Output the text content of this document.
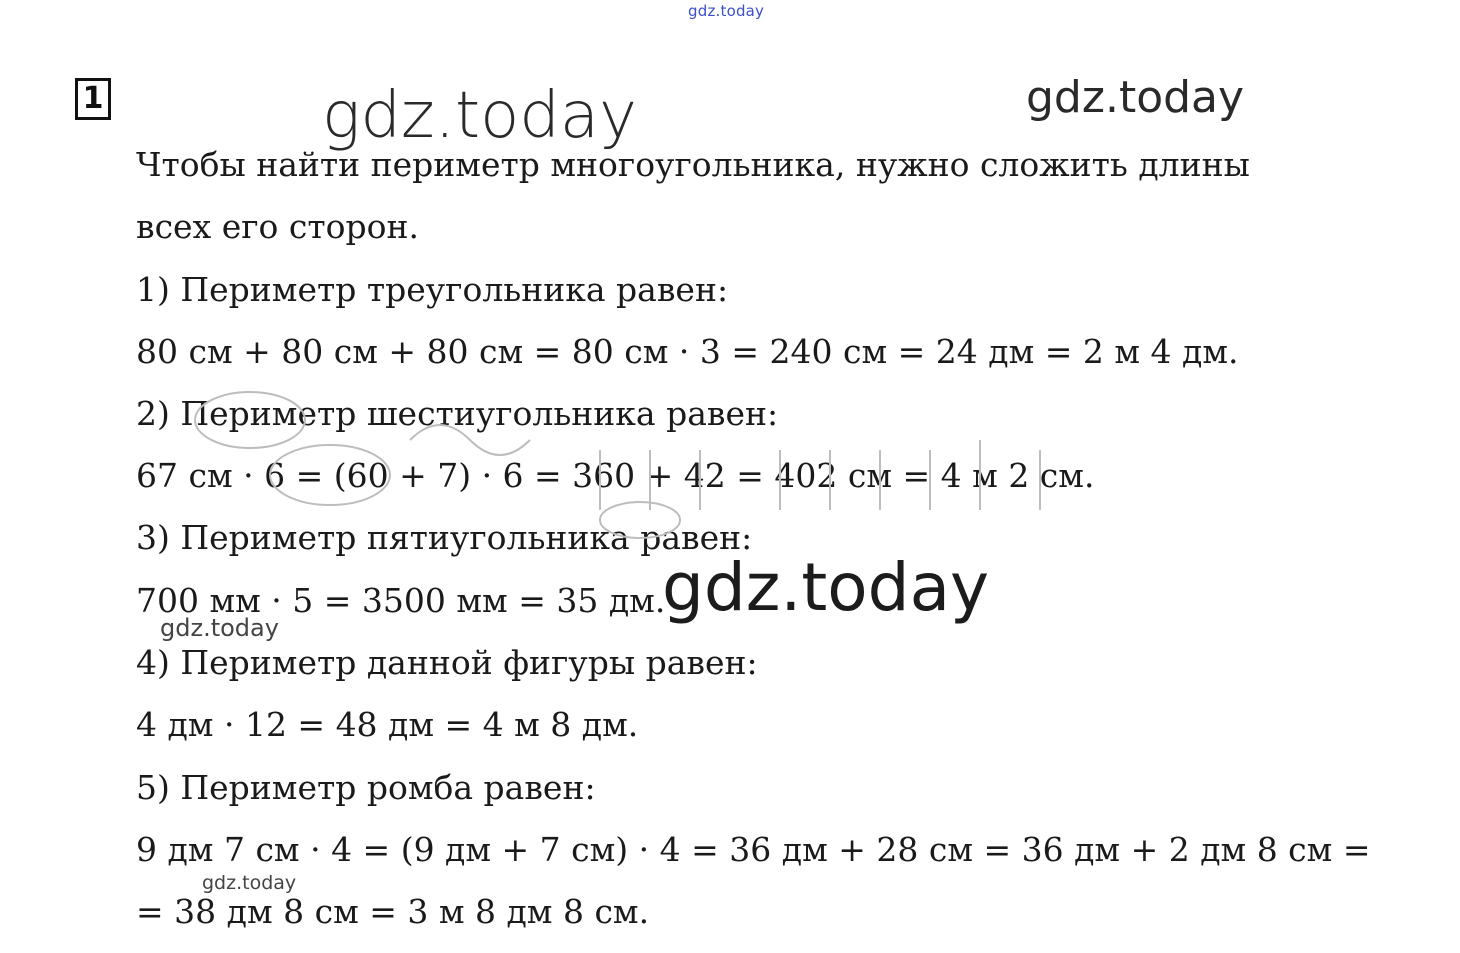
gdz.today
1	gdz.today	gdz.today
Чтобы найти периметр многоугольника, нужно сложить длины
всех его сторон.
1) Периметр треугольника равен:
80 см + 80 см + 80 см = 80 см · 3 = 240 см = 24 дм = 2 м 4 дм.
2) Периметр шестиугольника равен:
67 см · 6 = (60 + 7) · 6 = 360 + 42 = 402 см = 4 м 2 см.
3) Периметр пятиугольника равен:
700 мм · 5 = 3500 мм = 35 дм.
4) Периметр данной фигуры равен:
4 дм · 12 = 48 дм = 4 м 8 дм.
5) Периметр ромба равен:
9 дм 7 см · 4 = (9 дм + 7 см) · 4 = 36 дм + 28 см = 36 дм + 2 дм 8 см =
= 38 дм 8 см = 3 м 8 дм 8 см.
gdz.today
gdz.today
gdz.today
